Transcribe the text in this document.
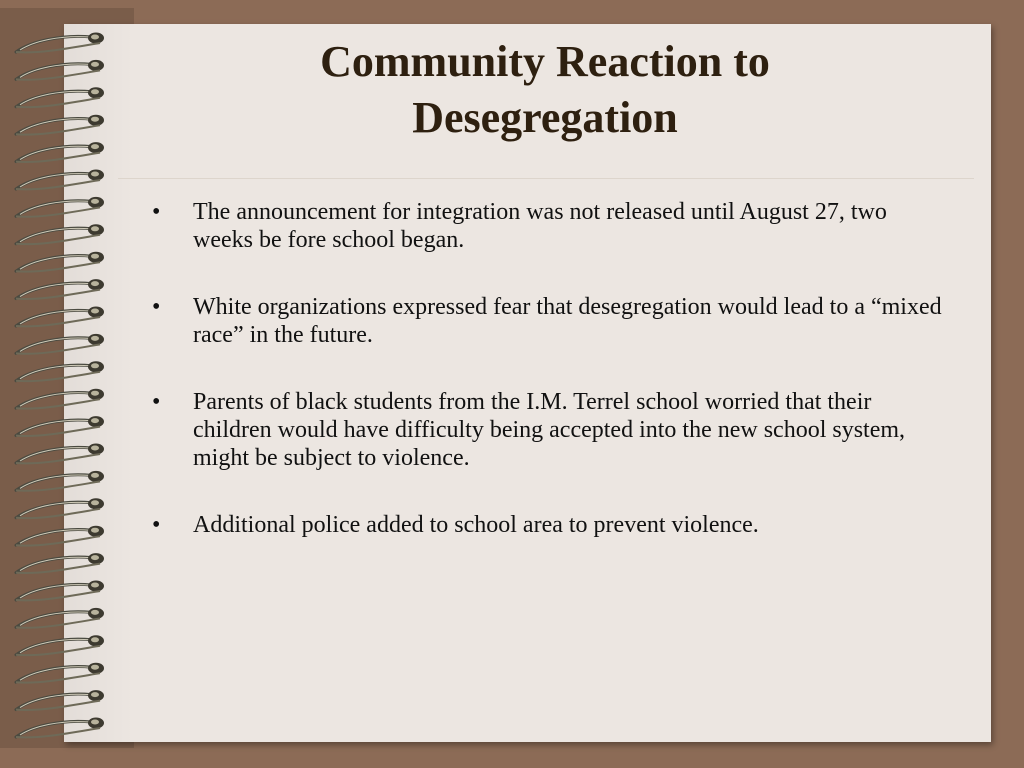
Community Reaction to
Desegregation
• The announcement for integration was not released until August 27, two weeks be fore school began.
• White organizations expressed fear that desegregation would lead to a “mixed race” in the future.
• Parents of black students from the I.M. Terrel school worried that their children would have difficulty being accepted into the new school system, might be subject to violence.
• Additional police added to school area to prevent violence.
